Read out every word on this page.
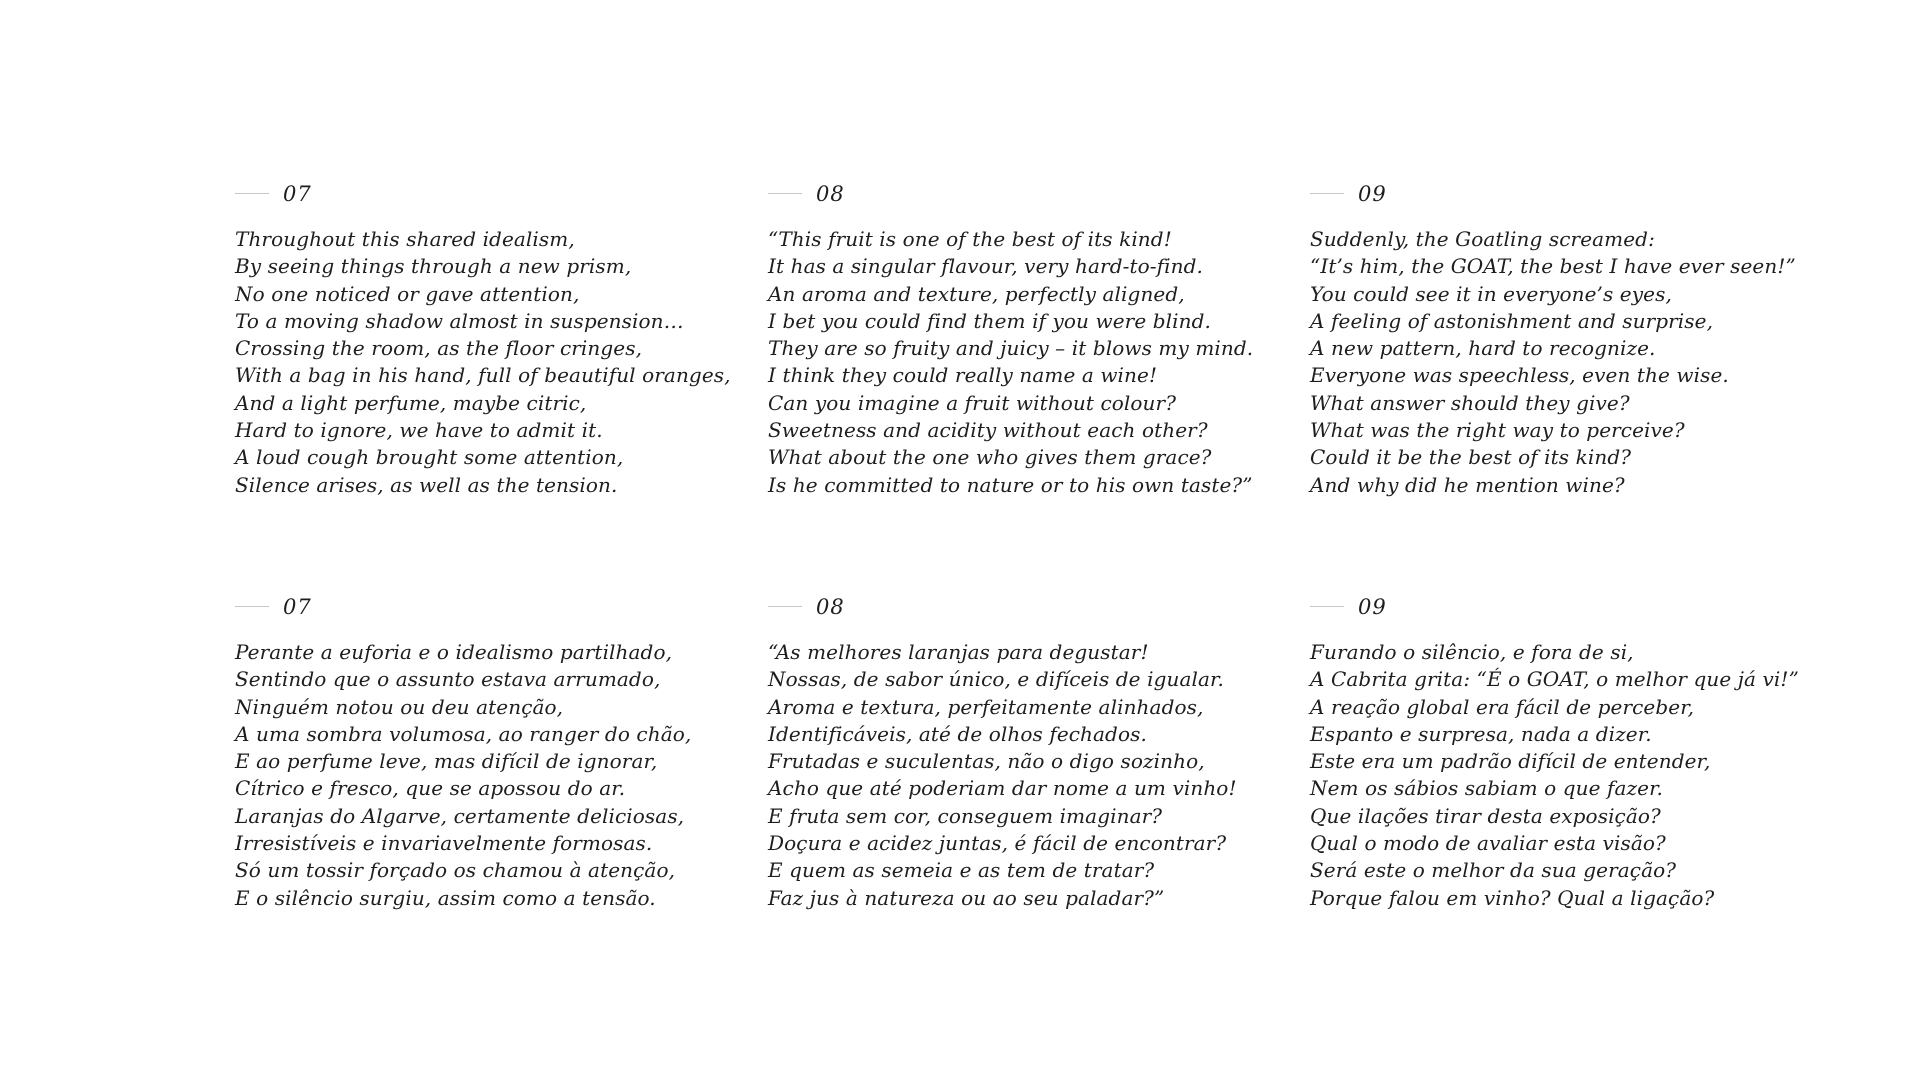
07
Throughout this shared idealism,
By seeing things through a new prism,
No one noticed or gave attention,
To a moving shadow almost in suspension…
Crossing the room, as the floor cringes,
With a bag in his hand, full of beautiful oranges,
And a light perfume, maybe citric,
Hard to ignore, we have to admit it.
A loud cough brought some attention,
Silence arises, as well as the tension.
08
“This fruit is one of the best of its kind!
It has a singular flavour, very hard-to-find.
An aroma and texture, perfectly aligned,
I bet you could find them if you were blind.
They are so fruity and juicy – it blows my mind.
I think they could really name a wine!
Can you imagine a fruit without colour?
Sweetness and acidity without each other?
What about the one who gives them grace?
Is he committed to nature or to his own taste?”
09
Suddenly, the Goatling screamed:
“It’s him, the GOAT, the best I have ever seen!”
You could see it in everyone’s eyes,
A feeling of astonishment and surprise,
A new pattern, hard to recognize.
Everyone was speechless, even the wise.
What answer should they give?
What was the right way to perceive?
Could it be the best of its kind?
And why did he mention wine?
07
Perante a euforia e o idealismo partilhado,
Sentindo que o assunto estava arrumado,
Ninguém notou ou deu atenção,
A uma sombra volumosa, ao ranger do chão,
E ao perfume leve, mas difícil de ignorar,
Cítrico e fresco, que se apossou do ar.
Laranjas do Algarve, certamente deliciosas,
Irresistíveis e invariavelmente formosas.
Só um tossir forçado os chamou à atenção,
E o silêncio surgiu, assim como a tensão.
08
“As melhores laranjas para degustar!
Nossas, de sabor único, e difíceis de igualar.
Aroma e textura, perfeitamente alinhados,
Identificáveis, até de olhos fechados.
Frutadas e suculentas, não o digo sozinho,
Acho que até poderiam dar nome a um vinho!
E fruta sem cor, conseguem imaginar?
Doçura e acidez juntas, é fácil de encontrar?
E quem as semeia e as tem de tratar?
Faz jus à natureza ou ao seu paladar?”
09
Furando o silêncio, e fora de si,
A Cabrita grita: “É o GOAT, o melhor que já vi!”
A reação global era fácil de perceber,
Espanto e surpresa, nada a dizer.
Este era um padrão difícil de entender,
Nem os sábios sabiam o que fazer.
Que ilações tirar desta exposição?
Qual o modo de avaliar esta visão?
Será este o melhor da sua geração?
Porque falou em vinho? Qual a ligação?
